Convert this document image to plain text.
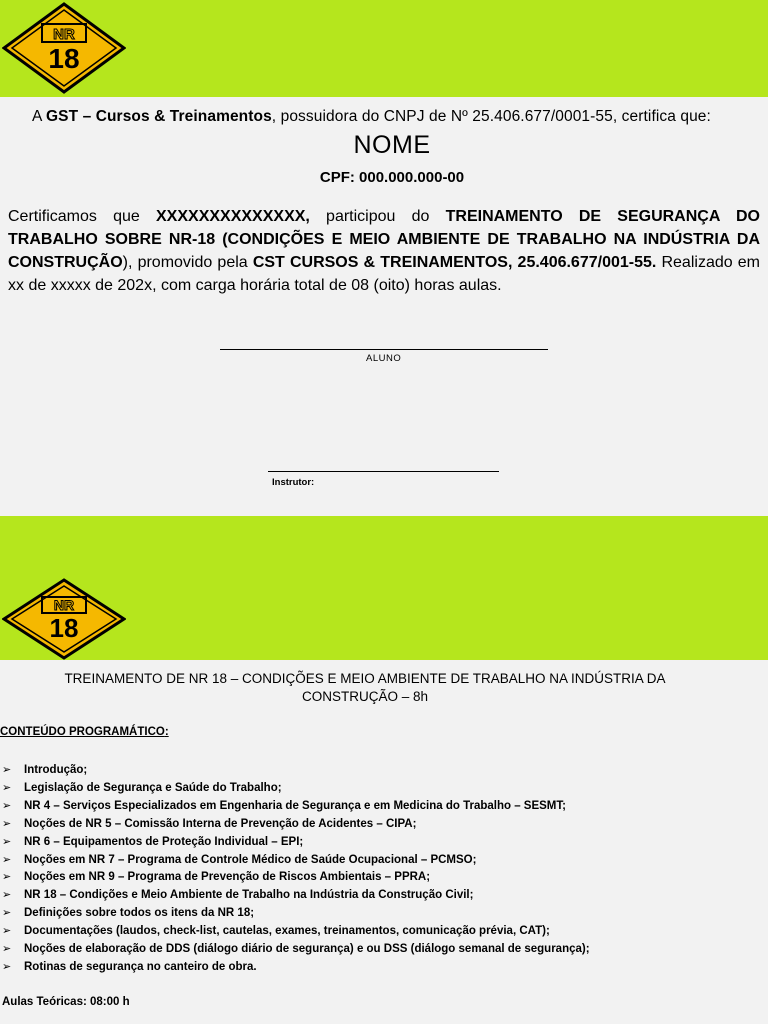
NR
18
A GST – Cursos & Treinamentos, possuidora do CNPJ de Nº 25.406.677/0001-55, certifica que:
NOME
CPF: 000.000.000-00
Certificamos que XXXXXXXXXXXXXX, participou do TREINAMENTO DE SEGURANÇA DO TRABALHO SOBRE NR-18 (CONDIÇÕES E MEIO AMBIENTE DE TRABALHO NA INDÚSTRIA DA CONSTRUÇÃO), promovido pela CST CURSOS & TREINAMENTOS, 25.406.677/001-55. Realizado em xx de xxxxx de 202x, com carga horária total de 08 (oito) horas aulas.
ALUNO
Instrutor:
NR
18
TREINAMENTO DE NR 18 – CONDIÇÕES E MEIO AMBIENTE DE TRABALHO NA INDÚSTRIA DA CONSTRUÇÃO – 8h
CONTEÚDO PROGRAMÁTICO:
➢ Introdução;
➢ Legislação de Segurança e Saúde do Trabalho;
➢ NR 4 – Serviços Especializados em Engenharia de Segurança e em Medicina do Trabalho – SESMT;
➢ Noções de NR 5 – Comissão Interna de Prevenção de Acidentes – CIPA;
➢ NR 6 – Equipamentos de Proteção Individual – EPI;
➢ Noções em NR 7 – Programa de Controle Médico de Saúde Ocupacional – PCMSO;
➢ Noções em NR 9 – Programa de Prevenção de Riscos Ambientais – PPRA;
➢ NR 18 – Condições e Meio Ambiente de Trabalho na Indústria da Construção Civil;
➢ Definições sobre todos os itens da NR 18;
➢ Documentações (laudos, check-list, cautelas, exames, treinamentos, comunicação prévia, CAT);
➢ Noções de elaboração de DDS (diálogo diário de segurança) e ou DSS (diálogo semanal de segurança);
➢ Rotinas de segurança no canteiro de obra.
Aulas Teóricas: 08:00 h
